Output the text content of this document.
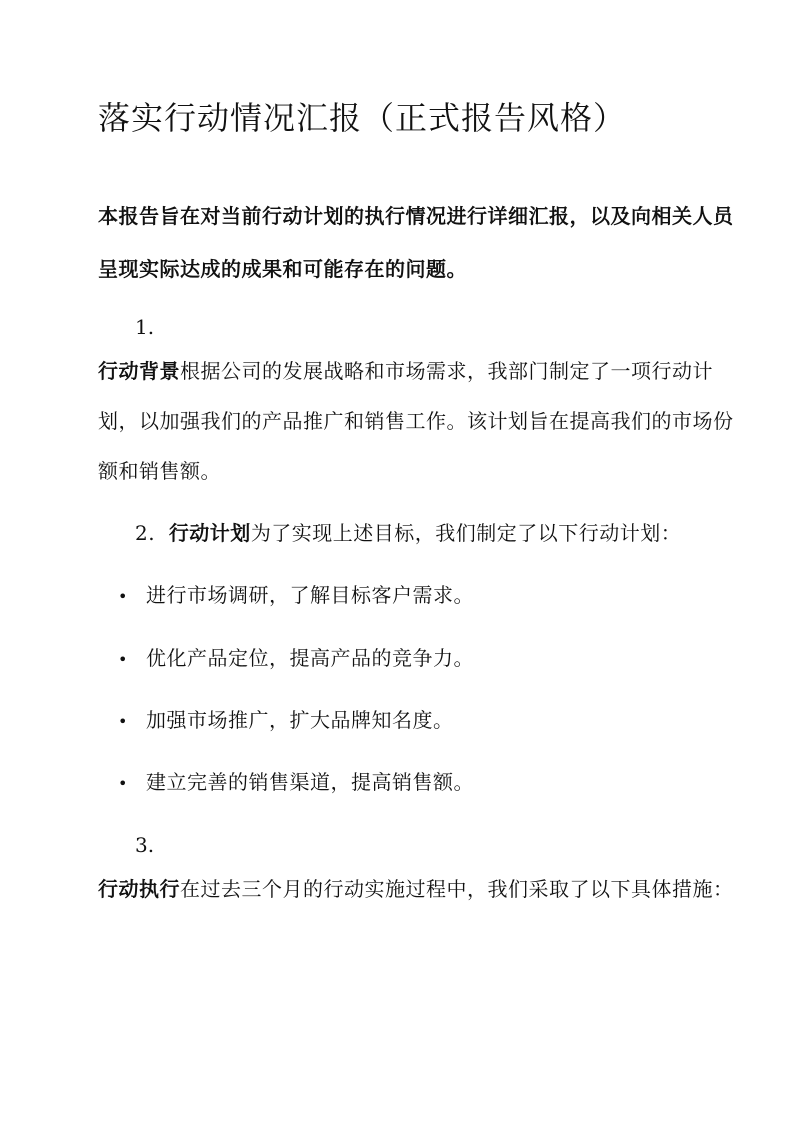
落实行动情况汇报（正式报告风格）

本报告旨在对当前行动计划的执行情况进行详细汇报，以及向相关人员呈现实际达成的成果和可能存在的问题。

1.

行动背景根据公司的发展战略和市场需求，我部门制定了一项行动计划，以加强我们的产品推广和销售工作。该计划旨在提高我们的市场份额和销售额。

2. 行动计划为了实现上述目标，我们制定了以下行动计划：

• 进行市场调研，了解目标客户需求。

• 优化产品定位，提高产品的竞争力。

• 加强市场推广，扩大品牌知名度。

• 建立完善的销售渠道，提高销售额。

3.

行动执行在过去三个月的行动实施过程中，我们采取了以下具体措施：
